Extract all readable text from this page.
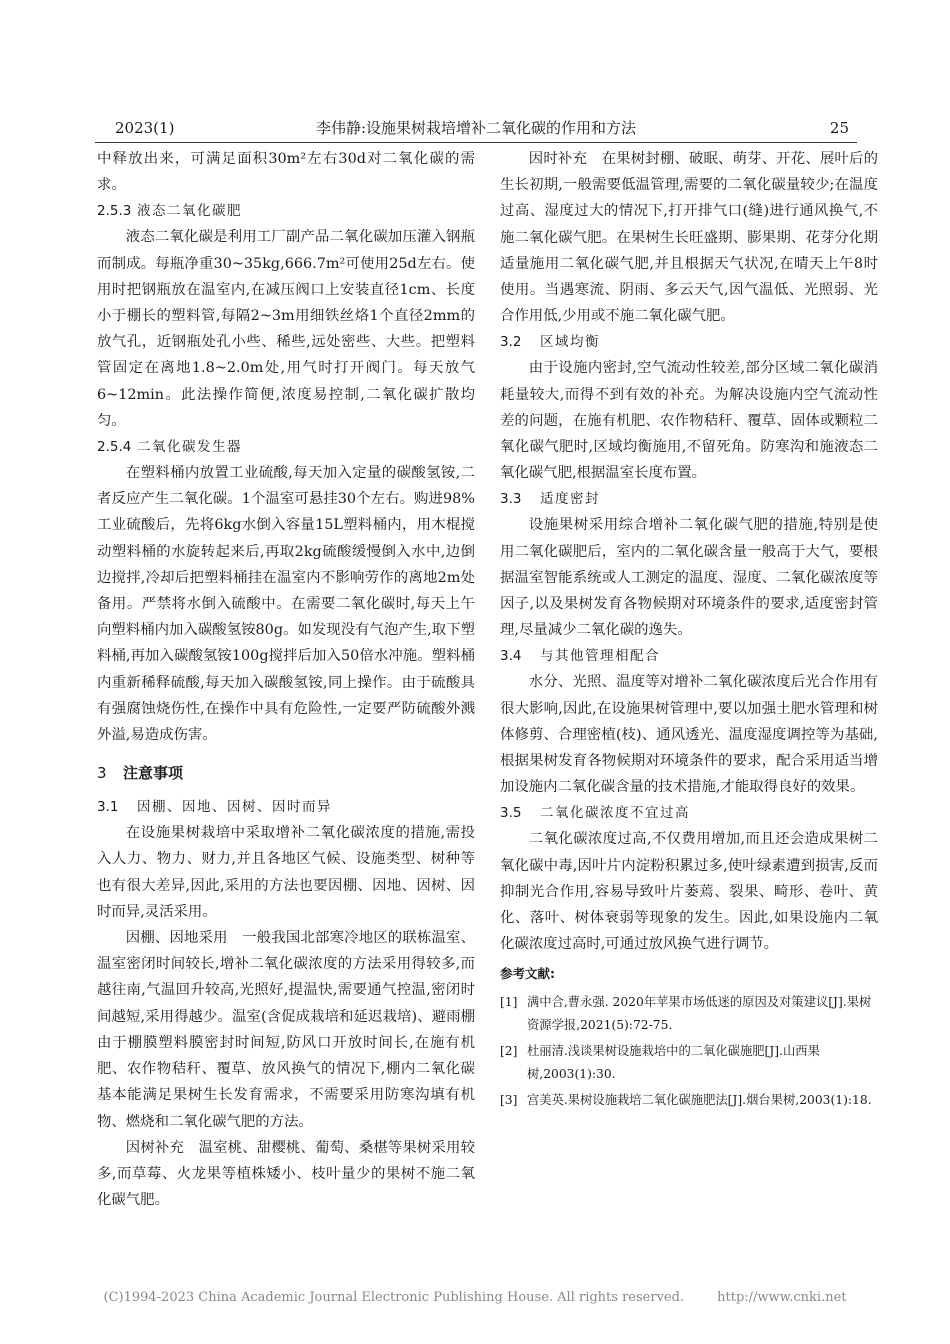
2023(1)	李伟静:设施果树栽培增补二氧化碳的作用和方法	25

中释放出来，可满足面积30m²左右30d对二氧化碳的需求。

2.5.3 液态二氧化碳肥

液态二氧化碳是利用工厂副产品二氧化碳加压灌入钢瓶而制成。每瓶净重30~35kg,666.7m²可使用25d左右。使用时把钢瓶放在温室内,在减压阀口上安装直径1cm、长度小于棚长的塑料管,每隔2~3m用细铁丝烙1个直径2mm的放气孔，近钢瓶处孔小些、稀些,远处密些、大些。把塑料管固定在离地1.8~2.0m处,用气时打开阀门。每天放气6~12min。此法操作简便,浓度易控制,二氧化碳扩散均匀。

2.5.4 二氧化碳发生器

在塑料桶内放置工业硫酸,每天加入定量的碳酸氢铵,二者反应产生二氧化碳。1个温室可悬挂30个左右。购进98%工业硫酸后，先将6kg水倒入容量15L塑料桶内，用木棍搅动塑料桶的水旋转起来后,再取2kg硫酸缓慢倒入水中,边倒边搅拌,冷却后把塑料桶挂在温室内不影响劳作的离地2m处备用。严禁将水倒入硫酸中。在需要二氧化碳时,每天上午向塑料桶内加入碳酸氢铵80g。如发现没有气泡产生,取下塑料桶,再加入碳酸氢铵100g搅拌后加入50倍水冲施。塑料桶内重新稀释硫酸,每天加入碳酸氢铵,同上操作。由于硫酸具有强腐蚀烧伤性,在操作中具有危险性,一定要严防硫酸外溅外溢,易造成伤害。

3 注意事项
3.1 因棚、因地、因树、因时而异

在设施果树栽培中采取增补二氧化碳浓度的措施,需投入人力、物力、财力,并且各地区气候、设施类型、树种等也有很大差异,因此,采用的方法也要因棚、因地、因树、因时而异,灵活采用。

因棚、因地采用　 一般我国北部寒冷地区的联栋温室、温室密闭时间较长,增补二氧化碳浓度的方法采用得较多,而越往南,气温回升较高,光照好,提温快,需要通气控温,密闭时间越短,采用得越少。温室(含促成栽培和延迟栽培)、避雨棚由于棚膜塑料膜密封时间短,防风口开放时间长,在施有机肥、农作物秸秆、覆草、放风换气的情况下,棚内二氧化碳基本能满足果树生长发育需求，不需要采用防寒沟填有机物、燃烧和二氧化碳气肥的方法。

因树补充　 温室桃、甜樱桃、葡萄、桑椹等果树采用较多,而草莓、火龙果等植株矮小、枝叶量少的果树不施二氧化碳气肥。

因时补充　 在果树封棚、破眠、萌芽、开花、展叶后的生长初期,一般需要低温管理,需要的二氧化碳量较少;在温度过高、湿度过大的情况下,打开排气口(缝)进行通风换气,不施二氧化碳气肥。在果树生长旺盛期、膨果期、花芽分化期适量施用二氧化碳气肥,并且根据天气状况,在晴天上午8时使用。当遇寒流、阴雨、多云天气,因气温低、光照弱、光合作用低,少用或不施二氧化碳气肥。

3.2 区域均衡

由于设施内密封,空气流动性较差,部分区域二氧化碳消耗量较大,而得不到有效的补充。为解决设施内空气流动性差的问题，在施有机肥、农作物秸秆、覆草、固体或颗粒二氧化碳气肥时,区域均衡施用,不留死角。防寒沟和施液态二氧化碳气肥,根据温室长度布置。

3.3 适度密封

设施果树采用综合增补二氧化碳气肥的措施,特别是使用二氧化碳肥后，室内的二氧化碳含量一般高于大气，要根据温室智能系统或人工测定的温度、湿度、二氧化碳浓度等因子,以及果树发育各物候期对环境条件的要求,适度密封管理,尽量减少二氧化碳的逸失。

3.4 与其他管理相配合

水分、光照、温度等对增补二氧化碳浓度后光合作用有很大影响,因此,在设施果树管理中,要以加强土肥水管理和树体修剪、合理密植(枝)、通风透光、温度湿度调控等为基础,根据果树发育各物候期对环境条件的要求，配合采用适当增加设施内二氧化碳含量的技术措施,才能取得良好的效果。

3.5 二氧化碳浓度不宜过高

二氧化碳浓度过高,不仅费用增加,而且还会造成果树二氧化碳中毒,因叶片内淀粉积累过多,使叶绿素遭到损害,反而抑制光合作用,容易导致叶片萎蔫、裂果、畸形、卷叶、黄化、落叶、树体衰弱等现象的发生。因此,如果设施内二氧化碳浓度过高时,可通过放风换气进行调节。

参考文献:
[1] 满中合,曹永强. 2020年苹果市场低迷的原因及对策建议[J].果树资源学报,2021(5):72-75.
[2] 杜丽清.浅谈果树设施栽培中的二氧化碳施肥[J].山西果树,2003(1):30.
[3] 宫美英.果树设施栽培二氧化碳施肥法[J].烟台果树,2003(1):18.
(C)1994-2023 China Academic Journal Electronic Publishing House. All rights reserved.	http://www.cnki.net
